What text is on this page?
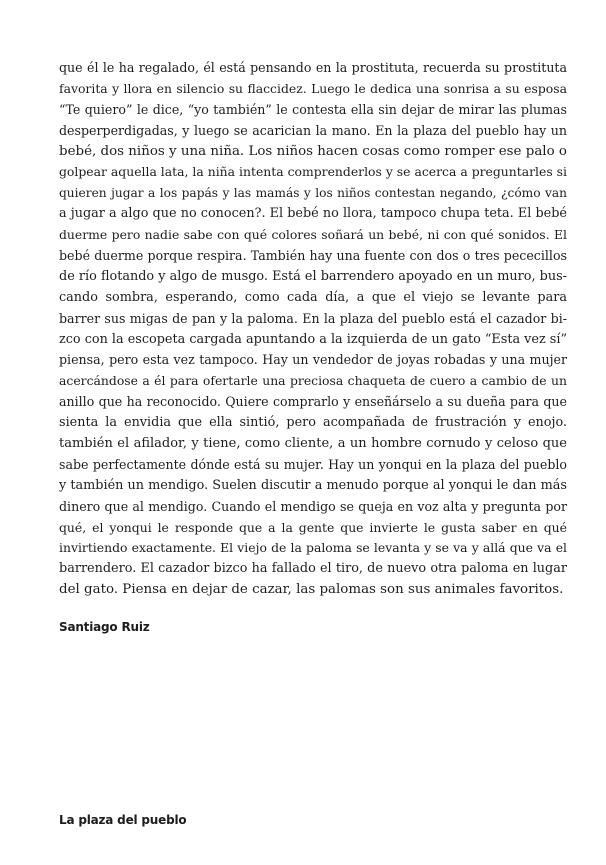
que él le ha regalado, él está pensando en la prostituta, recuerda su prostituta
favorita y llora en silencio su flaccidez. Luego le dedica una sonrisa a su esposa
“Te quiero” le dice, “yo también” le contesta ella sin dejar de mirar las plumas
desperperdigadas, y luego se acarician la mano. En la plaza del pueblo hay un
bebé, dos niños y una niña. Los niños hacen cosas como romper ese palo o
golpear aquella lata, la niña intenta comprenderlos y se acerca a preguntarles si
quieren jugar a los papás y las mamás y los niños contestan negando, ¿cómo van
a jugar a algo que no conocen?. El bebé no llora, tampoco chupa teta. El bebé
duerme pero nadie sabe con qué colores soñará un bebé, ni con qué sonidos. El
bebé duerme porque respira. También hay una fuente con dos o tres pececillos
de río flotando y algo de musgo. Está el barrendero apoyado en un muro, bus-
cando sombra, esperando, como cada día, a que el viejo se levante para
barrer sus migas de pan y la paloma. En la plaza del pueblo está el cazador bi-
zco con la escopeta cargada apuntando a la izquierda de un gato “Esta vez sí”
piensa, pero esta vez tampoco. Hay un vendedor de joyas robadas y una mujer
acercándose a él para ofertarle una preciosa chaqueta de cuero a cambio de un
anillo que ha reconocido. Quiere comprarlo y enseñárselo a su dueña para que
sienta la envidia que ella sintió, pero acompañada de frustración y enojo.
también el afilador, y tiene, como cliente, a un hombre cornudo y celoso que
sabe perfectamente dónde está su mujer. Hay un yonqui en la plaza del pueblo
y también un mendigo. Suelen discutir a menudo porque al yonqui le dan más
dinero que al mendigo. Cuando el mendigo se queja en voz alta y pregunta por
qué, el yonqui le responde que a la gente que invierte le gusta saber en qué
invirtiendo exactamente. El viejo de la paloma se levanta y se va y allá que va el
barrendero. El cazador bizco ha fallado el tiro, de nuevo otra paloma en lugar
del gato. Piensa en dejar de cazar, las palomas son sus animales favoritos.
Santiago Ruiz
La plaza del pueblo
